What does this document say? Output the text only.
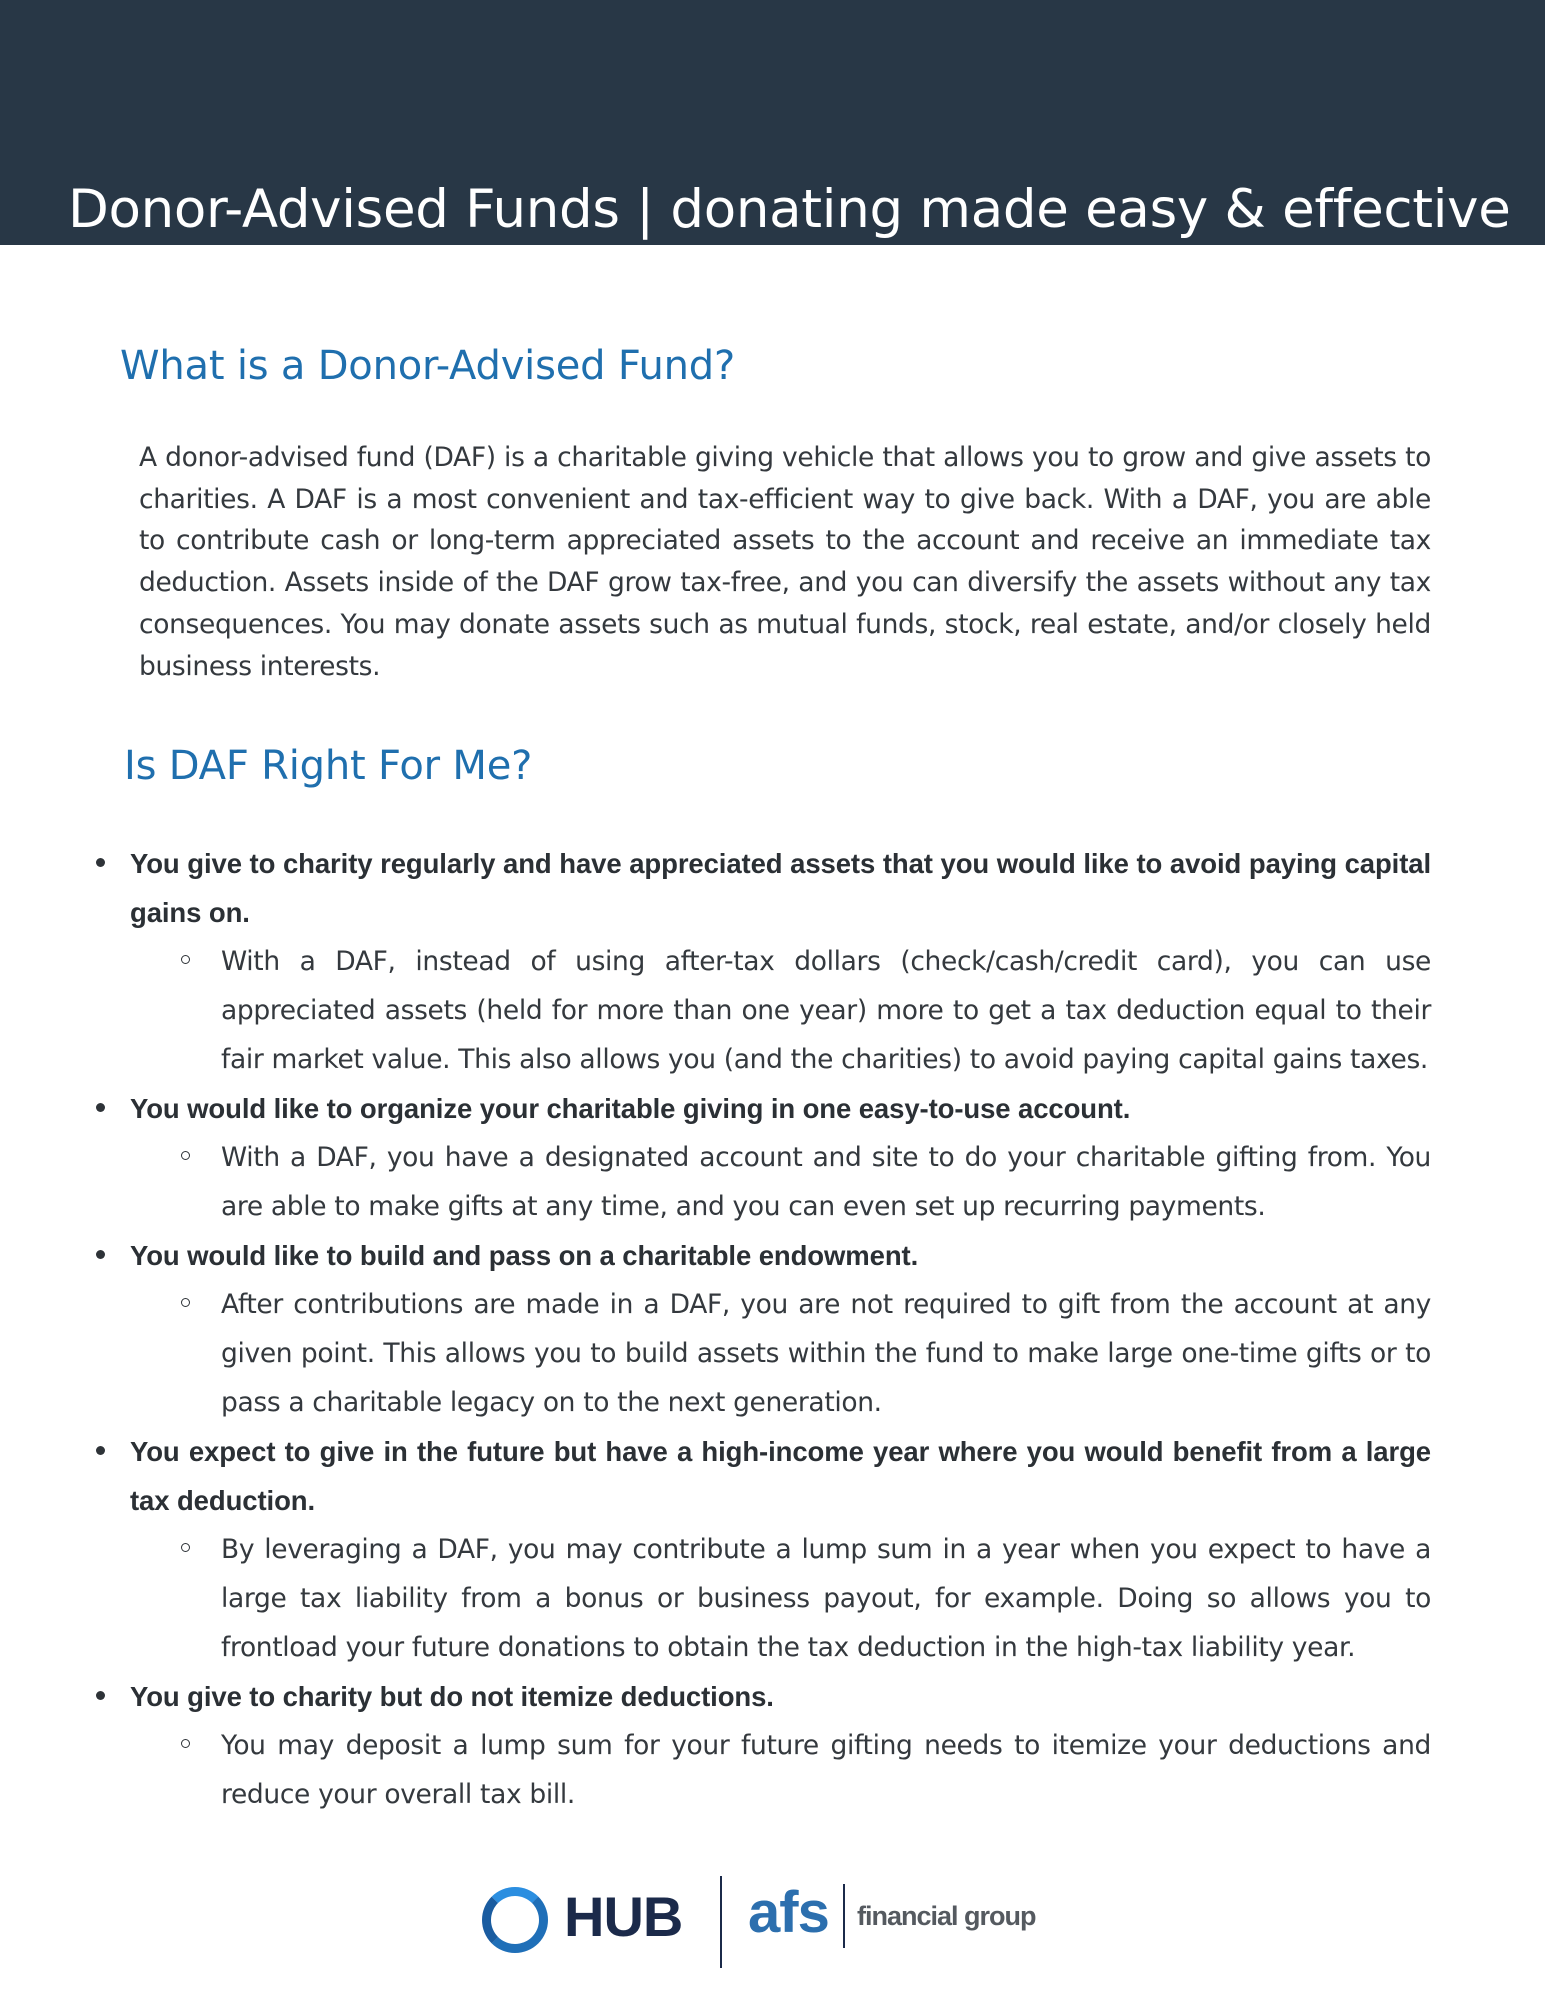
Donor-Advised Funds | donating made easy & effective
What is a Donor-Advised Fund?

A donor-advised fund (DAF) is a charitable giving vehicle that allows you to grow and give assets to charities. A DAF is a most convenient and tax-efficient way to give back. With a DAF, you are able to contribute cash or long-term appreciated assets to the account and receive an immediate tax deduction. Assets inside of the DAF grow tax-free, and you can diversify the assets without any tax consequences. You may donate assets such as mutual funds, stock, real estate, and/or closely held business interests.

Is DAF Right For Me?
You give to charity regularly and have appreciated assets that you would like to avoid paying capital gains on.
With a DAF, instead of using after-tax dollars (check/cash/credit card), you can use appreciated assets (held for more than one year) more to get a tax deduction equal to their fair market value. This also allows you (and the charities) to avoid paying capital gains taxes.
You would like to organize your charitable giving in one easy-to-use account.
With a DAF, you have a designated account and site to do your charitable gifting from. You are able to make gifts at any time, and you can even set up recurring payments.
You would like to build and pass on a charitable endowment.
After contributions are made in a DAF, you are not required to gift from the account at any given point. This allows you to build assets within the fund to make large one-time gifts or to pass a charitable legacy on to the next generation.
You expect to give in the future but have a high-income year where you would benefit from a large tax deduction.
By leveraging a DAF, you may contribute a lump sum in a year when you expect to have a large tax liability from a bonus or business payout, for example. Doing so allows you to frontload your future donations to obtain the tax deduction in the high-tax liability year.
You give to charity but do not itemize deductions.
You may deposit a lump sum for your future gifting needs to itemize your deductions and reduce your overall tax bill.

HUB afs financial group
